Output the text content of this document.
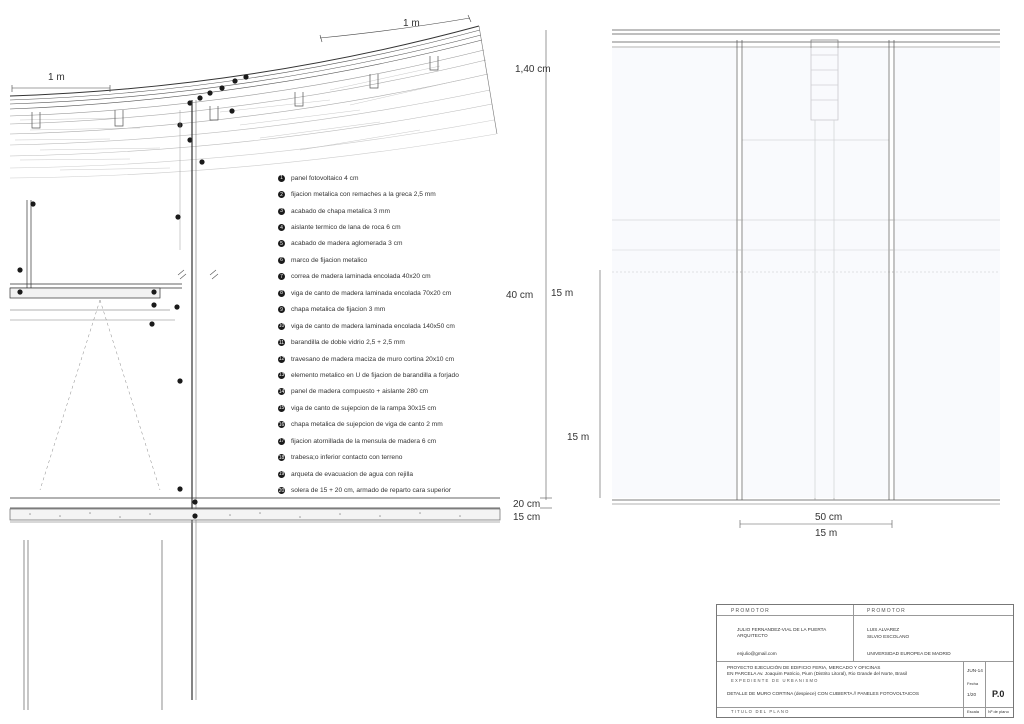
1 m
1 m
1,40 cm
40 cm 15 m
15 m
20 cm
15 cm	50 cm
15 m
1	panel fotovoltaico 4 cm
2	fijacion metalica con remaches a la greca 2,5 mm
3	acabado de chapa metalica 3 mm
4	aislante termico de lana de roca 6 cm
5	acabado de madera aglomerada 3 cm
6	marco de fijacion metalico
7	correa de madera laminada encolada 40x20 cm
8	viga de canto de madera laminada encolada 70x20 cm
9	chapa metalica de fijacion 3 mm
10 viga de canto de madera laminada encolada 140x50 cm
11 barandilla de doble vidrio 2,5 + 2,5 mm
12 travesano de madera maciza de muro cortina 20x10 cm
13 elemento metalico en U de fijacion de barandilla a forjado
14 panel de madera compuesto + aislante 280 cm
15 viga de canto de sujepcion de la rampa 30x15 cm
16 chapa metalica de sujepcion de viga de canto 2 mm
17 fijacion atornillada de la mensula de madera 6 cm
18 trabesa;o inferior contacto con terreno
19 arqueta de evacuacion de agua con rejilla
20 solera de 15 + 20 cm, armado de reparto cara superior
PROMOTOR	PROMOTOR
JULIO FERNANDEZ-VIAL DE LA PUERTA
ARQUITECTO
LUIS ALVAREZ
SILVIO ESCOLANO
enjulio@gmail.com	UNIVERSIDAD EUROPEA DE MADRID
PROYECTO EJECUCIÓN DE EDIFICIO FERIA, MERCADO Y OFICINAS
EN PARCELA Av. Joaquim Patricio, Pium (Distrito Litoral), Rio Grande del Norte, Brasil
EXPEDIENTE DE URBANISMO
JUN-14
Fecha
DETALLE DE MURO CORTINA (despiece) CON CUBIERTA // PANELES FOTOVOLTAICOS	1/20
Escala
P.0
Nº de plano
TITULO DEL PLANO
